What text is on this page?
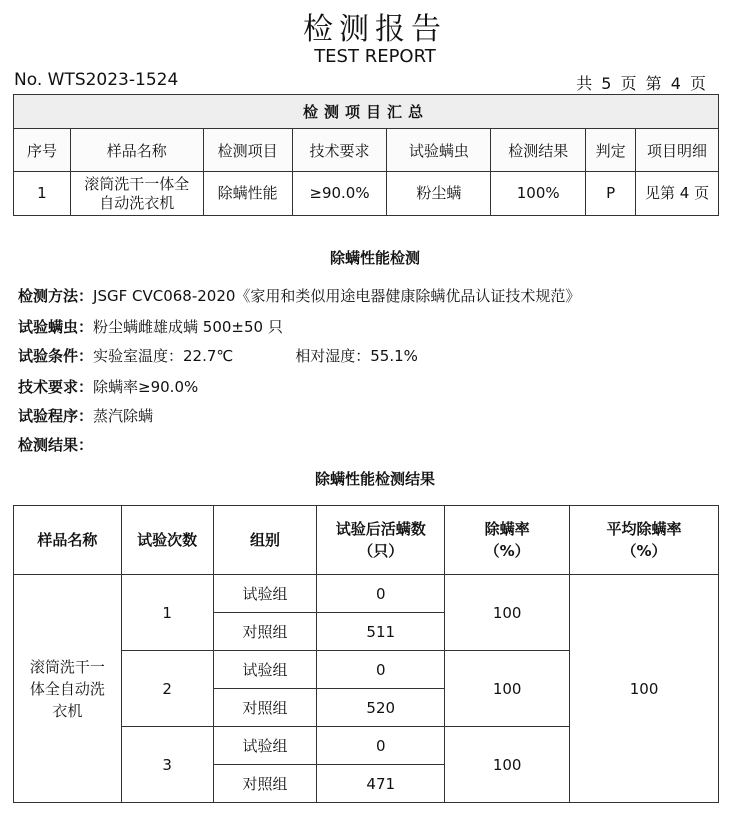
检测报告
TEST REPORT
No. WTS2023-1524	共 5 页 第 4 页
检测项目汇总							
序号	样品名称	检测项目	技术要求	试验螨虫	检测结果	判定	项目明细
1	滚筒洗干一体全自动洗衣机	除螨性能	≥90.0%	粉尘螨	100%	P	见第 4 页
除螨性能检测
检测方法：JSGF CVC068-2020《家用和类似用途电器健康除螨优品认证技术规范》
试验螨虫：粉尘螨雌雄成螨 500±50 只
试验条件：实验室温度：22.7℃	相对湿度：55.1%
技术要求：除螨率≥90.0%
试验程序：蒸汽除螨
检测结果：
除螨性能检测结果
样品名称	试验次数	组别	试验后活螨数（只）	除螨率（%）	平均除螨率（%）
滚筒洗干一体全自动洗衣机	1	试验组	0	100	100
		对照组	511		
	2	试验组	0	100	
		对照组	520		
	3	试验组	0	100	
		对照组	471		
